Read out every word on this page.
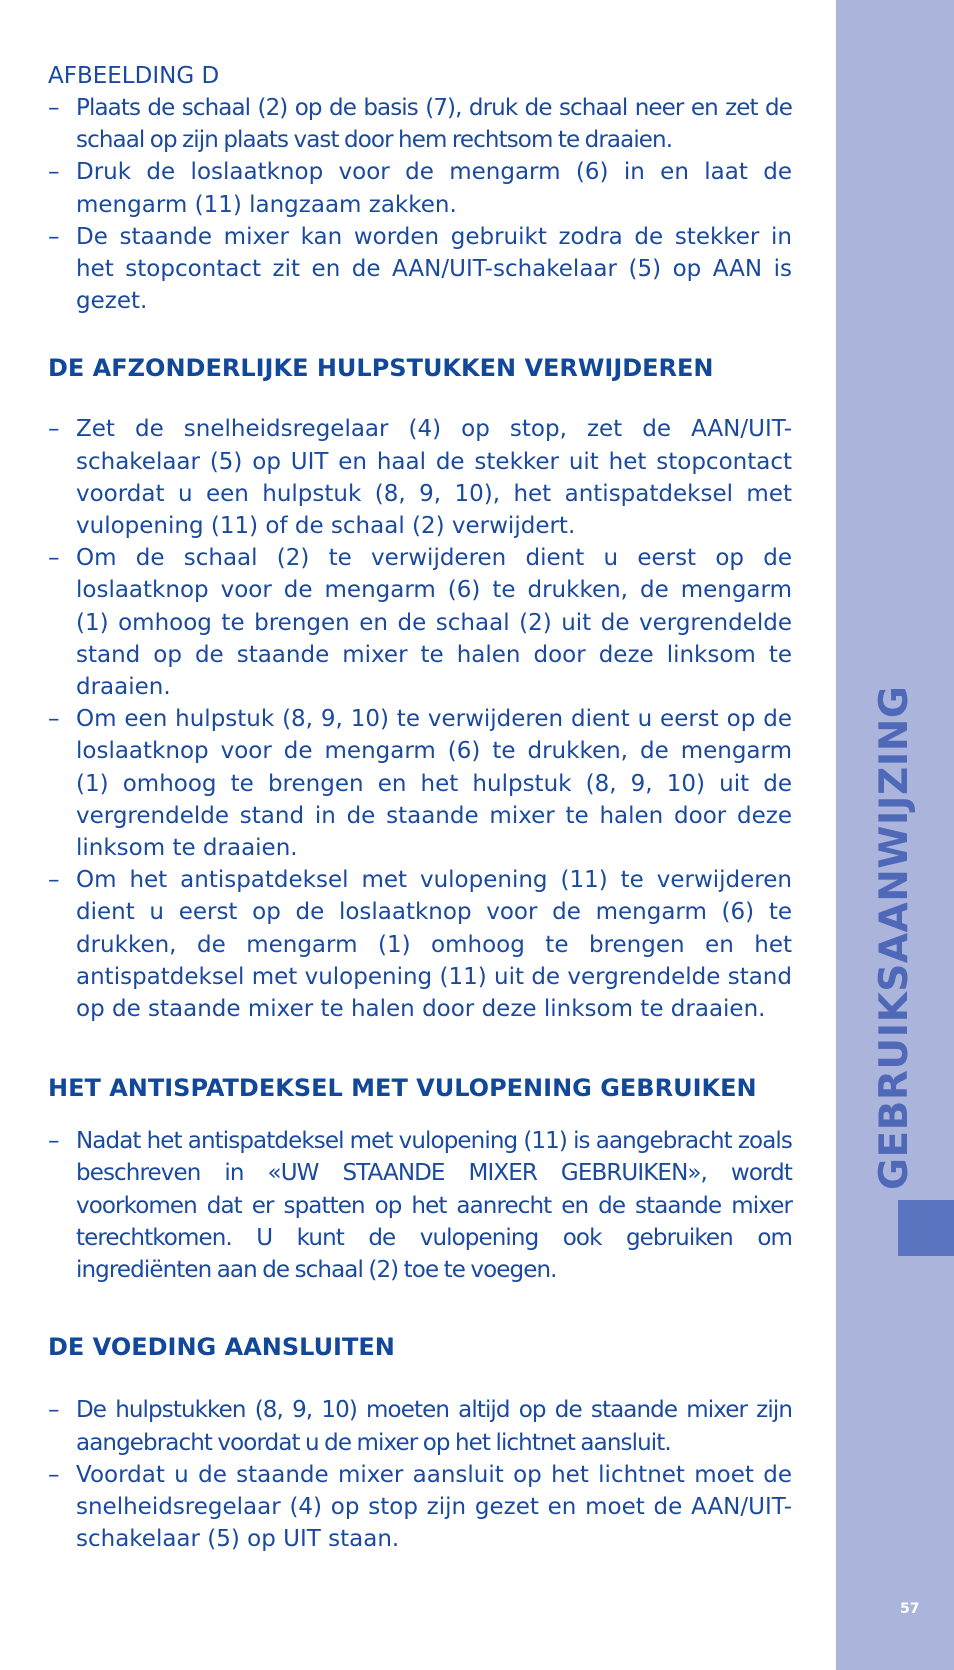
AFBEELDING D

– Plaats de schaal (2) op de basis (7), druk de schaal neer en zet de schaal op zijn plaats vast door hem rechtsom te draaien.
– Druk de loslaatknop voor de mengarm (6) in en laat de mengarm (11) langzaam zakken.
– De staande mixer kan worden gebruikt zodra de stekker in het stopcontact zit en de AAN/UIT-schakelaar (5) op AAN is gezet.
DE AFZONDERLIJKE HULPSTUKKEN VERWIJDEREN
– Zet de snelheidsregelaar (4) op stop, zet de AAN/UIT-schakelaar (5) op UIT en haal de stekker uit het stopcontact voordat u een hulpstuk (8, 9, 10), het antispatdeksel met vulopening (11) of de schaal (2) verwijdert.
– Om de schaal (2) te verwijderen dient u eerst op de loslaatknop voor de mengarm (6) te drukken, de mengarm (1) omhoog te brengen en de schaal (2) uit de vergrendelde stand op de staande mixer te halen door deze linksom te draaien.
– Om een hulpstuk (8, 9, 10) te verwijderen dient u eerst op de loslaatknop voor de mengarm (6) te drukken, de mengarm (1) omhoog te brengen en het hulpstuk (8, 9, 10) uit de vergrendelde stand in de staande mixer te halen door deze linksom te draaien.
– Om het antispatdeksel met vulopening (11) te verwijderen dient u eerst op de loslaatknop voor de mengarm (6) te drukken, de mengarm (1) omhoog te brengen en het antispatdeksel met vulopening (11) uit de vergrendelde stand op de staande mixer te halen door deze linksom te draaien.
HET ANTISPATDEKSEL MET VULOPENING GEBRUIKEN
– Nadat het antispatdeksel met vulopening (11) is aangebracht zoals beschreven in «UW STAANDE MIXER GEBRUIKEN», wordt voorkomen dat er spatten op het aanrecht en de staande mixer terechtkomen. U kunt de vulopening ook gebruiken om ingrediënten aan de schaal (2) toe te voegen.
DE VOEDING AANSLUITEN
– De hulpstukken (8, 9, 10) moeten altijd op de staande mixer zijn aangebracht voordat u de mixer op het lichtnet aansluit.
– Voordat u de staande mixer aansluit op het lichtnet moet de snelheidsregelaar (4) op stop zijn gezet en moet de AAN/UIT-schakelaar (5) op UIT staan.
GEBRUIKSAANWIJZING
57
